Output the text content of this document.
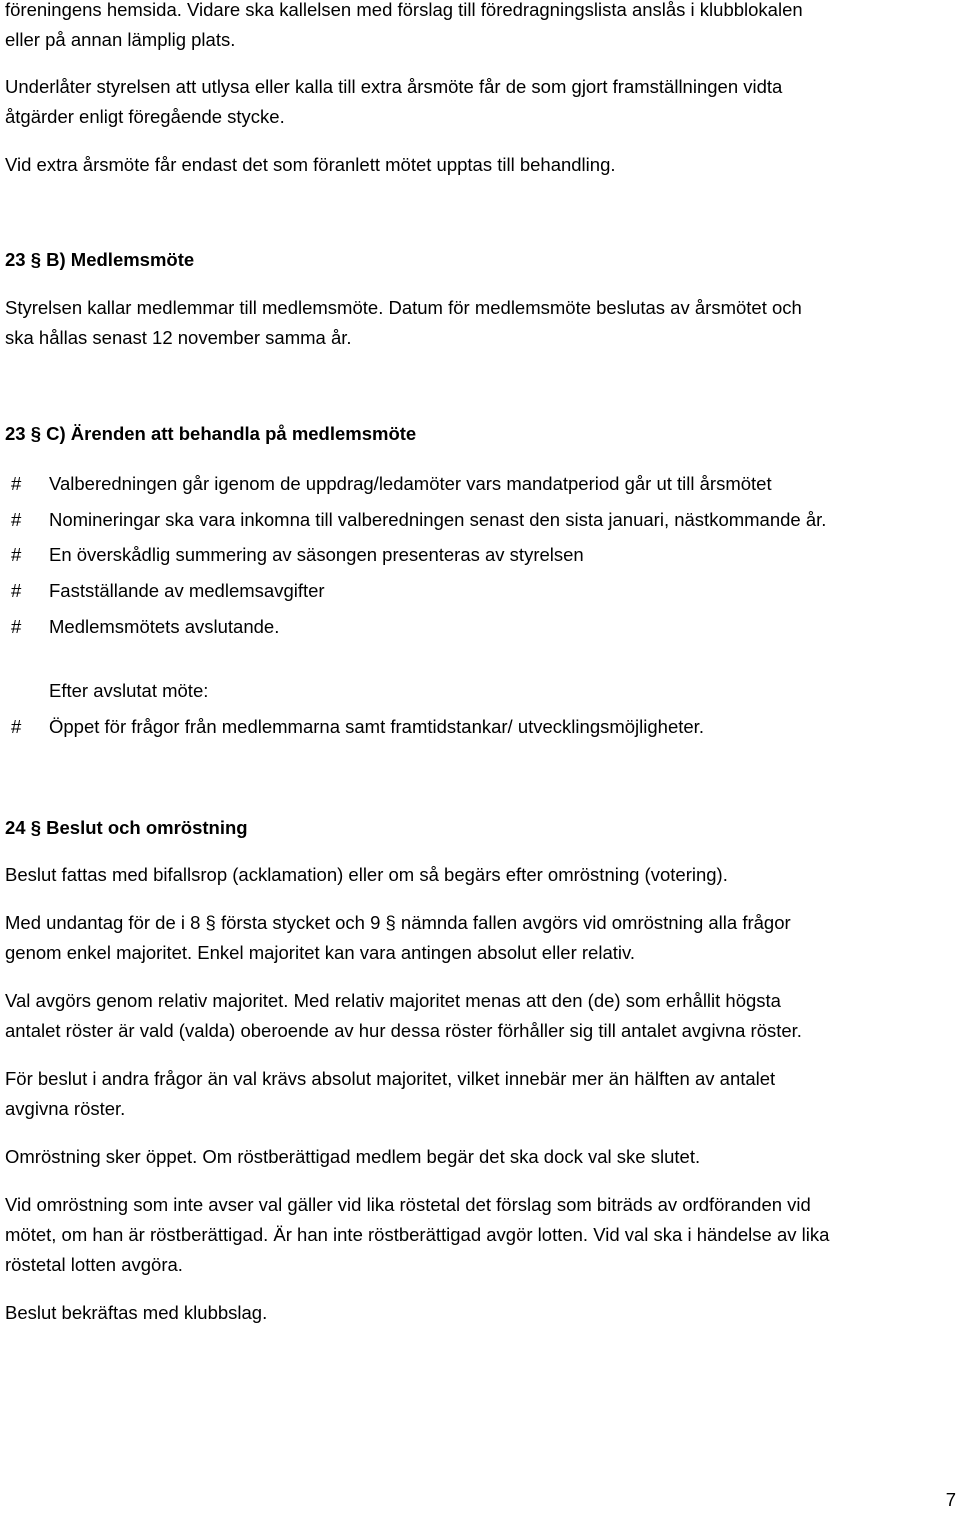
föreningens hemsida. Vidare ska kallelsen med förslag till föredragningslista anslås i klubblokalen
eller på annan lämplig plats.
Underlåter styrelsen att utlysa eller kalla till extra årsmöte får de som gjort framställningen vidta
åtgärder enligt föregående stycke.
Vid extra årsmöte får endast det som föranlett mötet upptas till behandling.
23 § B) Medlemsmöte
Styrelsen kallar medlemmar till medlemsmöte. Datum för medlemsmöte beslutas av årsmötet och
ska hållas senast 12 november samma år.
23 § C) Ärenden att behandla på medlemsmöte
# Valberedningen går igenom de uppdrag/ledamöter vars mandatperiod går ut till årsmötet
# Nomineringar ska vara inkomna till valberedningen senast den sista januari, nästkommande år.
# En överskådlig summering av säsongen presenteras av styrelsen
# Fastställande av medlemsavgifter
# Medlemsmötets avslutande.
Efter avslutat möte:
# Öppet för frågor från medlemmarna samt framtidstankar/ utvecklingsmöjligheter.
24 § Beslut och omröstning
Beslut fattas med bifallsrop (acklamation) eller om så begärs efter omröstning (votering).
Med undantag för de i 8 § första stycket och 9 § nämnda fallen avgörs vid omröstning alla frågor
genom enkel majoritet. Enkel majoritet kan vara antingen absolut eller relativ.
Val avgörs genom relativ majoritet. Med relativ majoritet menas att den (de) som erhållit högsta
antalet röster är vald (valda) oberoende av hur dessa röster förhåller sig till antalet avgivna röster.
För beslut i andra frågor än val krävs absolut majoritet, vilket innebär mer än hälften av antalet
avgivna röster.
Omröstning sker öppet. Om röstberättigad medlem begär det ska dock val ske slutet.
Vid omröstning som inte avser val gäller vid lika röstetal det förslag som biträds av ordföranden vid
mötet, om han är röstberättigad. Är han inte röstberättigad avgör lotten. Vid val ska i händelse av lika
röstetal lotten avgöra.
Beslut bekräftas med klubbslag.
7
